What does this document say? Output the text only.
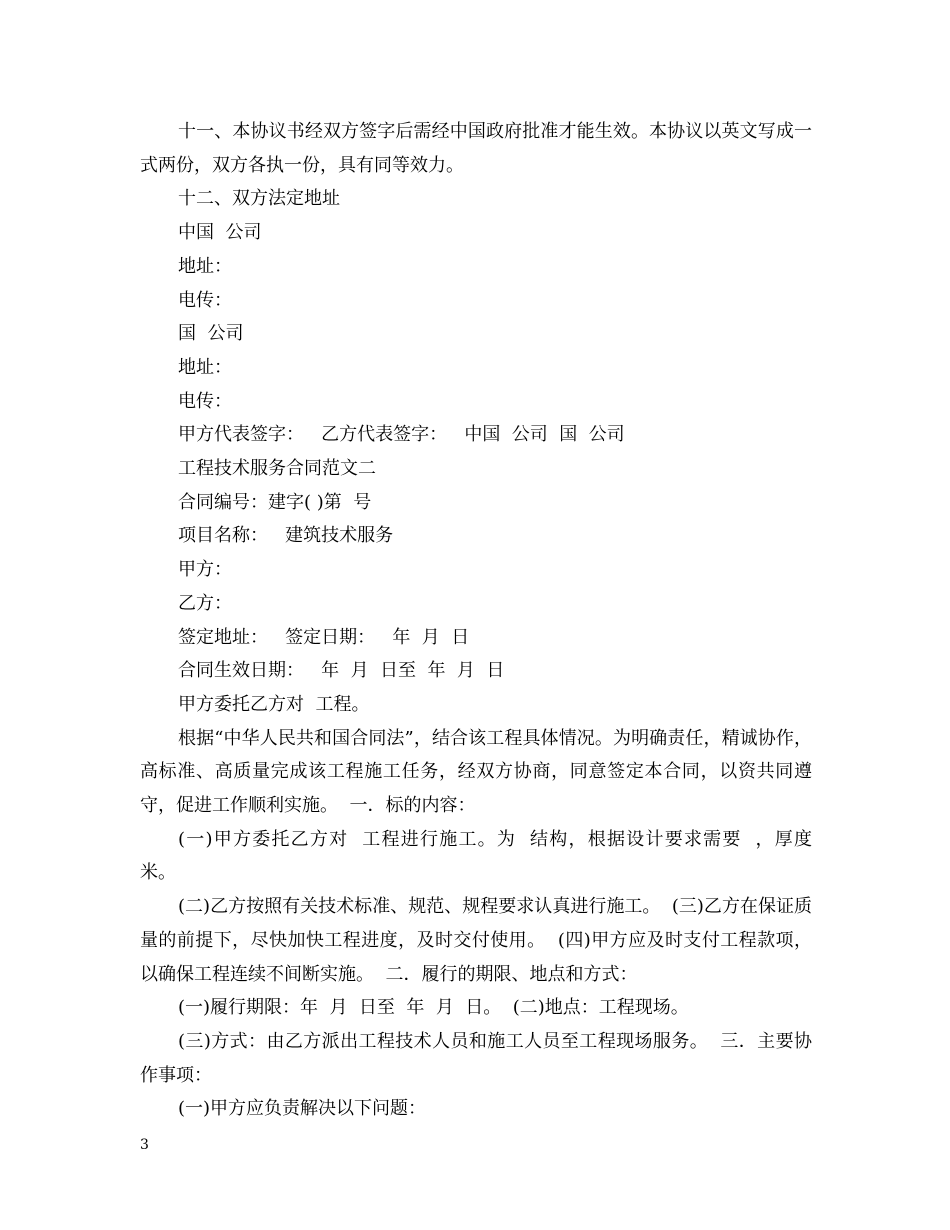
十一、本协议书经双方签字后需经中国政府批准才能生效。本协议以英文写成一式两份，双方各执一份，具有同等效力。

十二、双方法定地址

中国  公司

地址：

电传：

国  公司

地址：

电传：

甲方代表签字：   乙方代表签字：   中国  公司  国  公司

工程技术服务合同范文二

合同编号：建字( )第  号

项目名称：   建筑技术服务

甲方：

乙方：

签定地址：   签定日期：   年  月  日

合同生效日期：   年  月  日至  年  月  日

甲方委托乙方对  工程。

根据“中华人民共和国合同法”，结合该工程具体情况。为明确责任，精诚协作，高标准、高质量完成该工程施工任务，经双方协商，同意签定本合同，以资共同遵守，促进工作顺利实施。  一．标的内容：

(一)甲方委托乙方对  工程进行施工。为  结构，根据设计要求需要  ，厚度  米。

(二)乙方按照有关技术标准、规范、规程要求认真进行施工。  (三)乙方在保证质量的前提下，尽快加快工程进度，及时交付使用。  (四)甲方应及时支付工程款项，以确保工程连续不间断实施。  二．履行的期限、地点和方式：

(一)履行期限：年  月  日至  年  月  日。  (二)地点：工程现场。

(三)方式：由乙方派出工程技术人员和施工人员至工程现场服务。  三．主要协作事项：

(一)甲方应负责解决以下问题：

3
